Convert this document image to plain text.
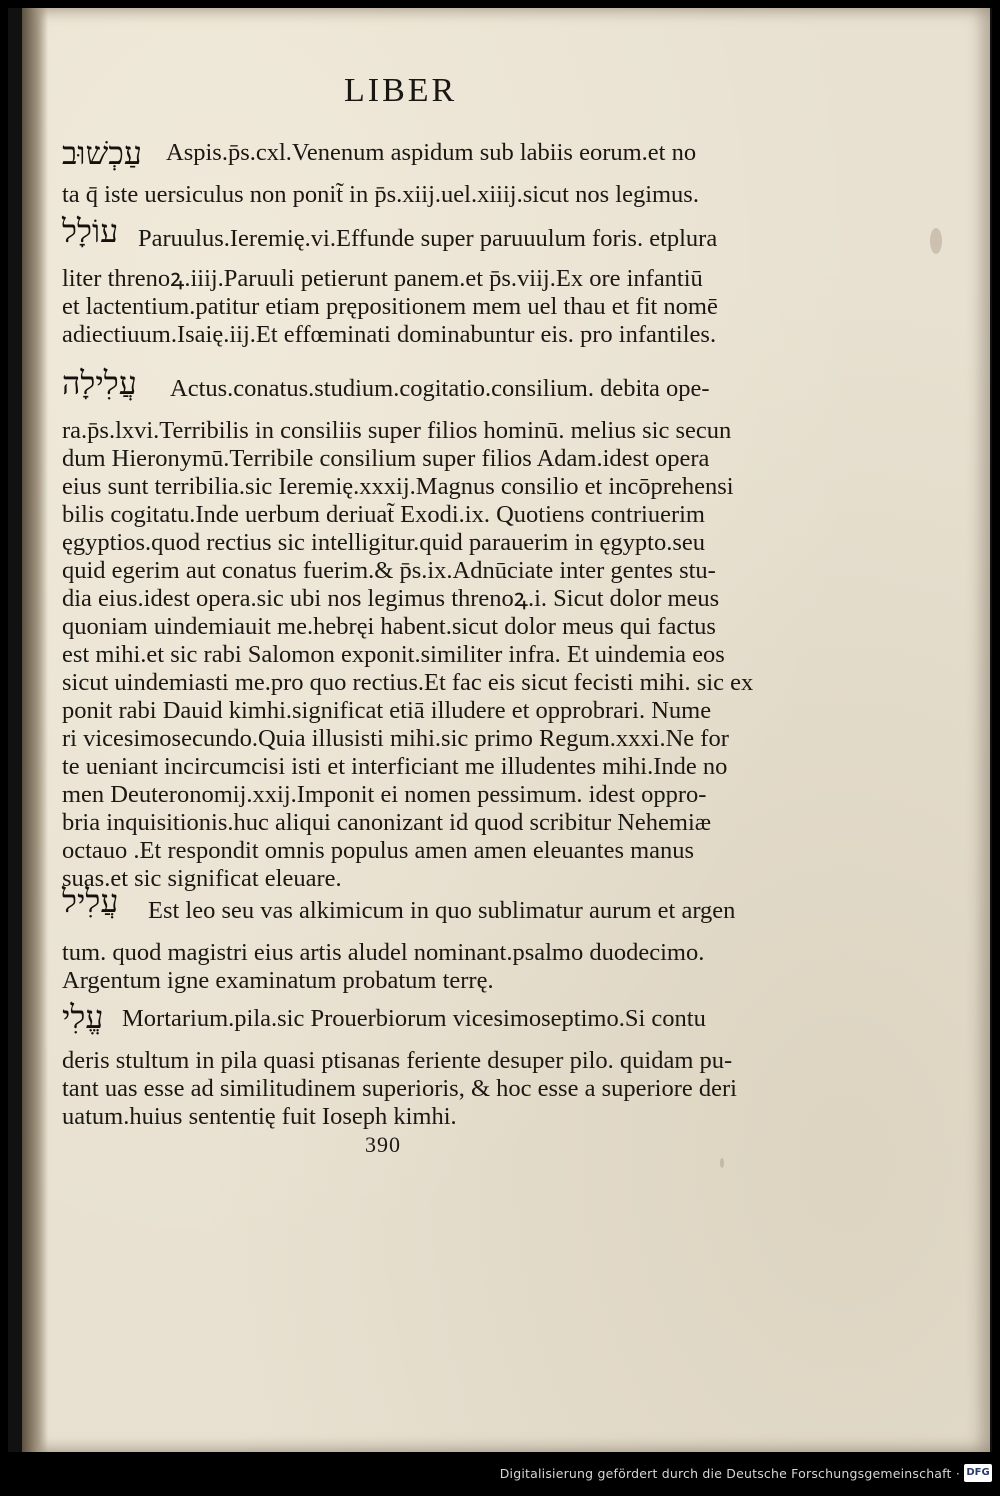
LIBER
עַכְשׁוּב Aspis.p̄s.cxl.Venenum aspidum sub labiis eorum.et no
ta q̄ iste uersiculus non ponit̃ in p̄s.xiij.uel.xiiij.sicut nos legimus.
עוֹלָל Paruulus.Ieremię.vi.Effunde super paruuulum foris. etplura
liter threnoꝝ.iiij.Paruuli petierunt panem.et p̄s.viij.Ex ore infantiū
et lactentium.patitur etiam prępositionem mem uel thau et fit nomē
adiectiuum.Isaię.iij.Et effœminati dominabuntur eis. pro infantiles.
עֲלִילָה Actus.conatus.studium.cogitatio.consilium. debita ope-
ra.p̄s.lxvi.Terribilis in consiliis super filios hominū. melius sic secun
dum Hieronymū.Terribile consilium super filios Adam.idest opera
eius sunt terribilia.sic Ieremię.xxxij.Magnus consilio et incōprehensi
bilis cogitatu.Inde uerbum deriuat̃ Exodi.ix. Quotiens contriuerim
ęgyptios.quod rectius sic intelligitur.quid parauerim in ęgypto.seu
quid egerim aut conatus fuerim.& p̄s.ix.Adnūciate inter gentes stu-
dia eius.idest opera.sic ubi nos legimus threnoꝝ.i. Sicut dolor meus
quoniam uindemiauit me.hebręi habent.sicut dolor meus qui factus
est mihi.et sic rabi Salomon exponit.similiter infra. Et uindemia eos
sicut uindemiasti me.pro quo rectius.Et fac eis sicut fecisti mihi. sic ex
ponit rabi Dauid kimhi.significat etiā illudere et opprobrari. Nume
ri vicesimosecundo.Quia illusisti mihi.sic primo Regum.xxxi.Ne for
te ueniant incircumcisi isti et interficiant me illudentes mihi.Inde no
men Deuteronomij.xxij.Imponit ei nomen pessimum. idest oppro-
bria inquisitionis.huc aliqui canonizant id quod scribitur Nehemiæ
octauo .Et respondit omnis populus amen amen eleuantes manus
suas.et sic significat eleuare.
עֲלִיל Est leo seu vas alkimicum in quo sublimatur aurum et argen
tum. quod magistri eius artis aludel nominant.psalmo duodecimo.
Argentum igne examinatum probatum terrę.
עֱלִי Mortarium.pila.sic Prouerbiorum vicesimoseptimo.Si contu
deris stultum in pila quasi ptisanas feriente desuper pilo. quidam pu-
tant uas esse ad similitudinem superioris, & hoc esse a superiore deri
uatum.huius sententię fuit Ioseph kimhi.
390
Digitalisierung gefördert durch die Deutsche Forschungsgemeinschaft · DFG
